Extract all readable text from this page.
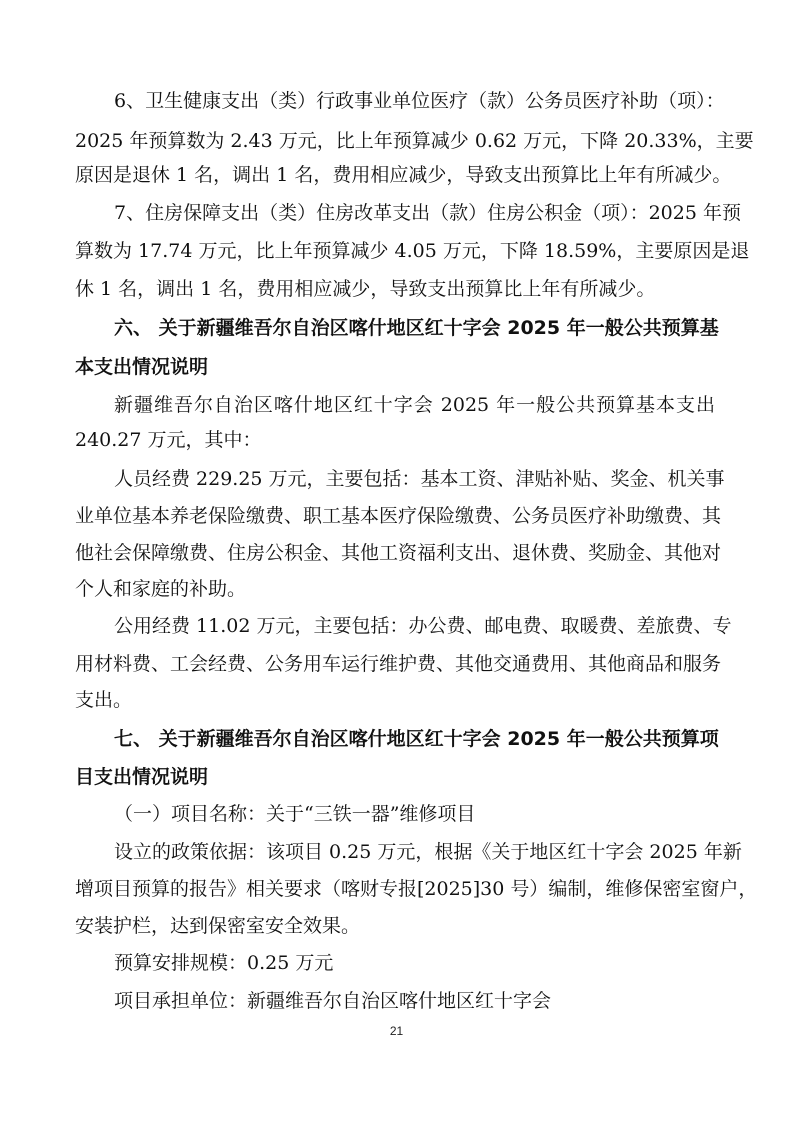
6、卫生健康支出（类）行政事业单位医疗（款）公务员医疗补助（项）：
2025 年预算数为 2.43 万元，比上年预算减少 0.62 万元，下降 20.33%，主要
原因是退休 1 名，调出 1 名，费用相应减少，导致支出预算比上年有所减少。
7、住房保障支出（类）住房改革支出（款）住房公积金（项）：2025 年预
算数为 17.74 万元，比上年预算减少 4.05 万元，下降 18.59%，主要原因是退
休 1 名，调出 1 名，费用相应减少，导致支出预算比上年有所减少。
六、 关于新疆维吾尔自治区喀什地区红十字会 2025 年一般公共预算基
本支出情况说明
新疆维吾尔自治区喀什地区红十字会 2025 年一般公共预算基本支出
240.27 万元，其中：
人员经费 229.25 万元，主要包括：基本工资、津贴补贴、奖金、机关事
业单位基本养老保险缴费、职工基本医疗保险缴费、公务员医疗补助缴费、其
他社会保障缴费、住房公积金、其他工资福利支出、退休费、奖励金、其他对
个人和家庭的补助。
公用经费 11.02 万元，主要包括：办公费、邮电费、取暖费、差旅费、专
用材料费、工会经费、公务用车运行维护费、其他交通费用、其他商品和服务
支出。
七、 关于新疆维吾尔自治区喀什地区红十字会 2025 年一般公共预算项
目支出情况说明
（一）项目名称：关于“三铁一器”维修项目
设立的政策依据：该项目 0.25 万元，根据《关于地区红十字会 2025 年新
增项目预算的报告》相关要求（喀财专报[2025]30 号）编制，维修保密室窗户，
安装护栏，达到保密室安全效果。
预算安排规模：0.25 万元
项目承担单位：新疆维吾尔自治区喀什地区红十字会
21
